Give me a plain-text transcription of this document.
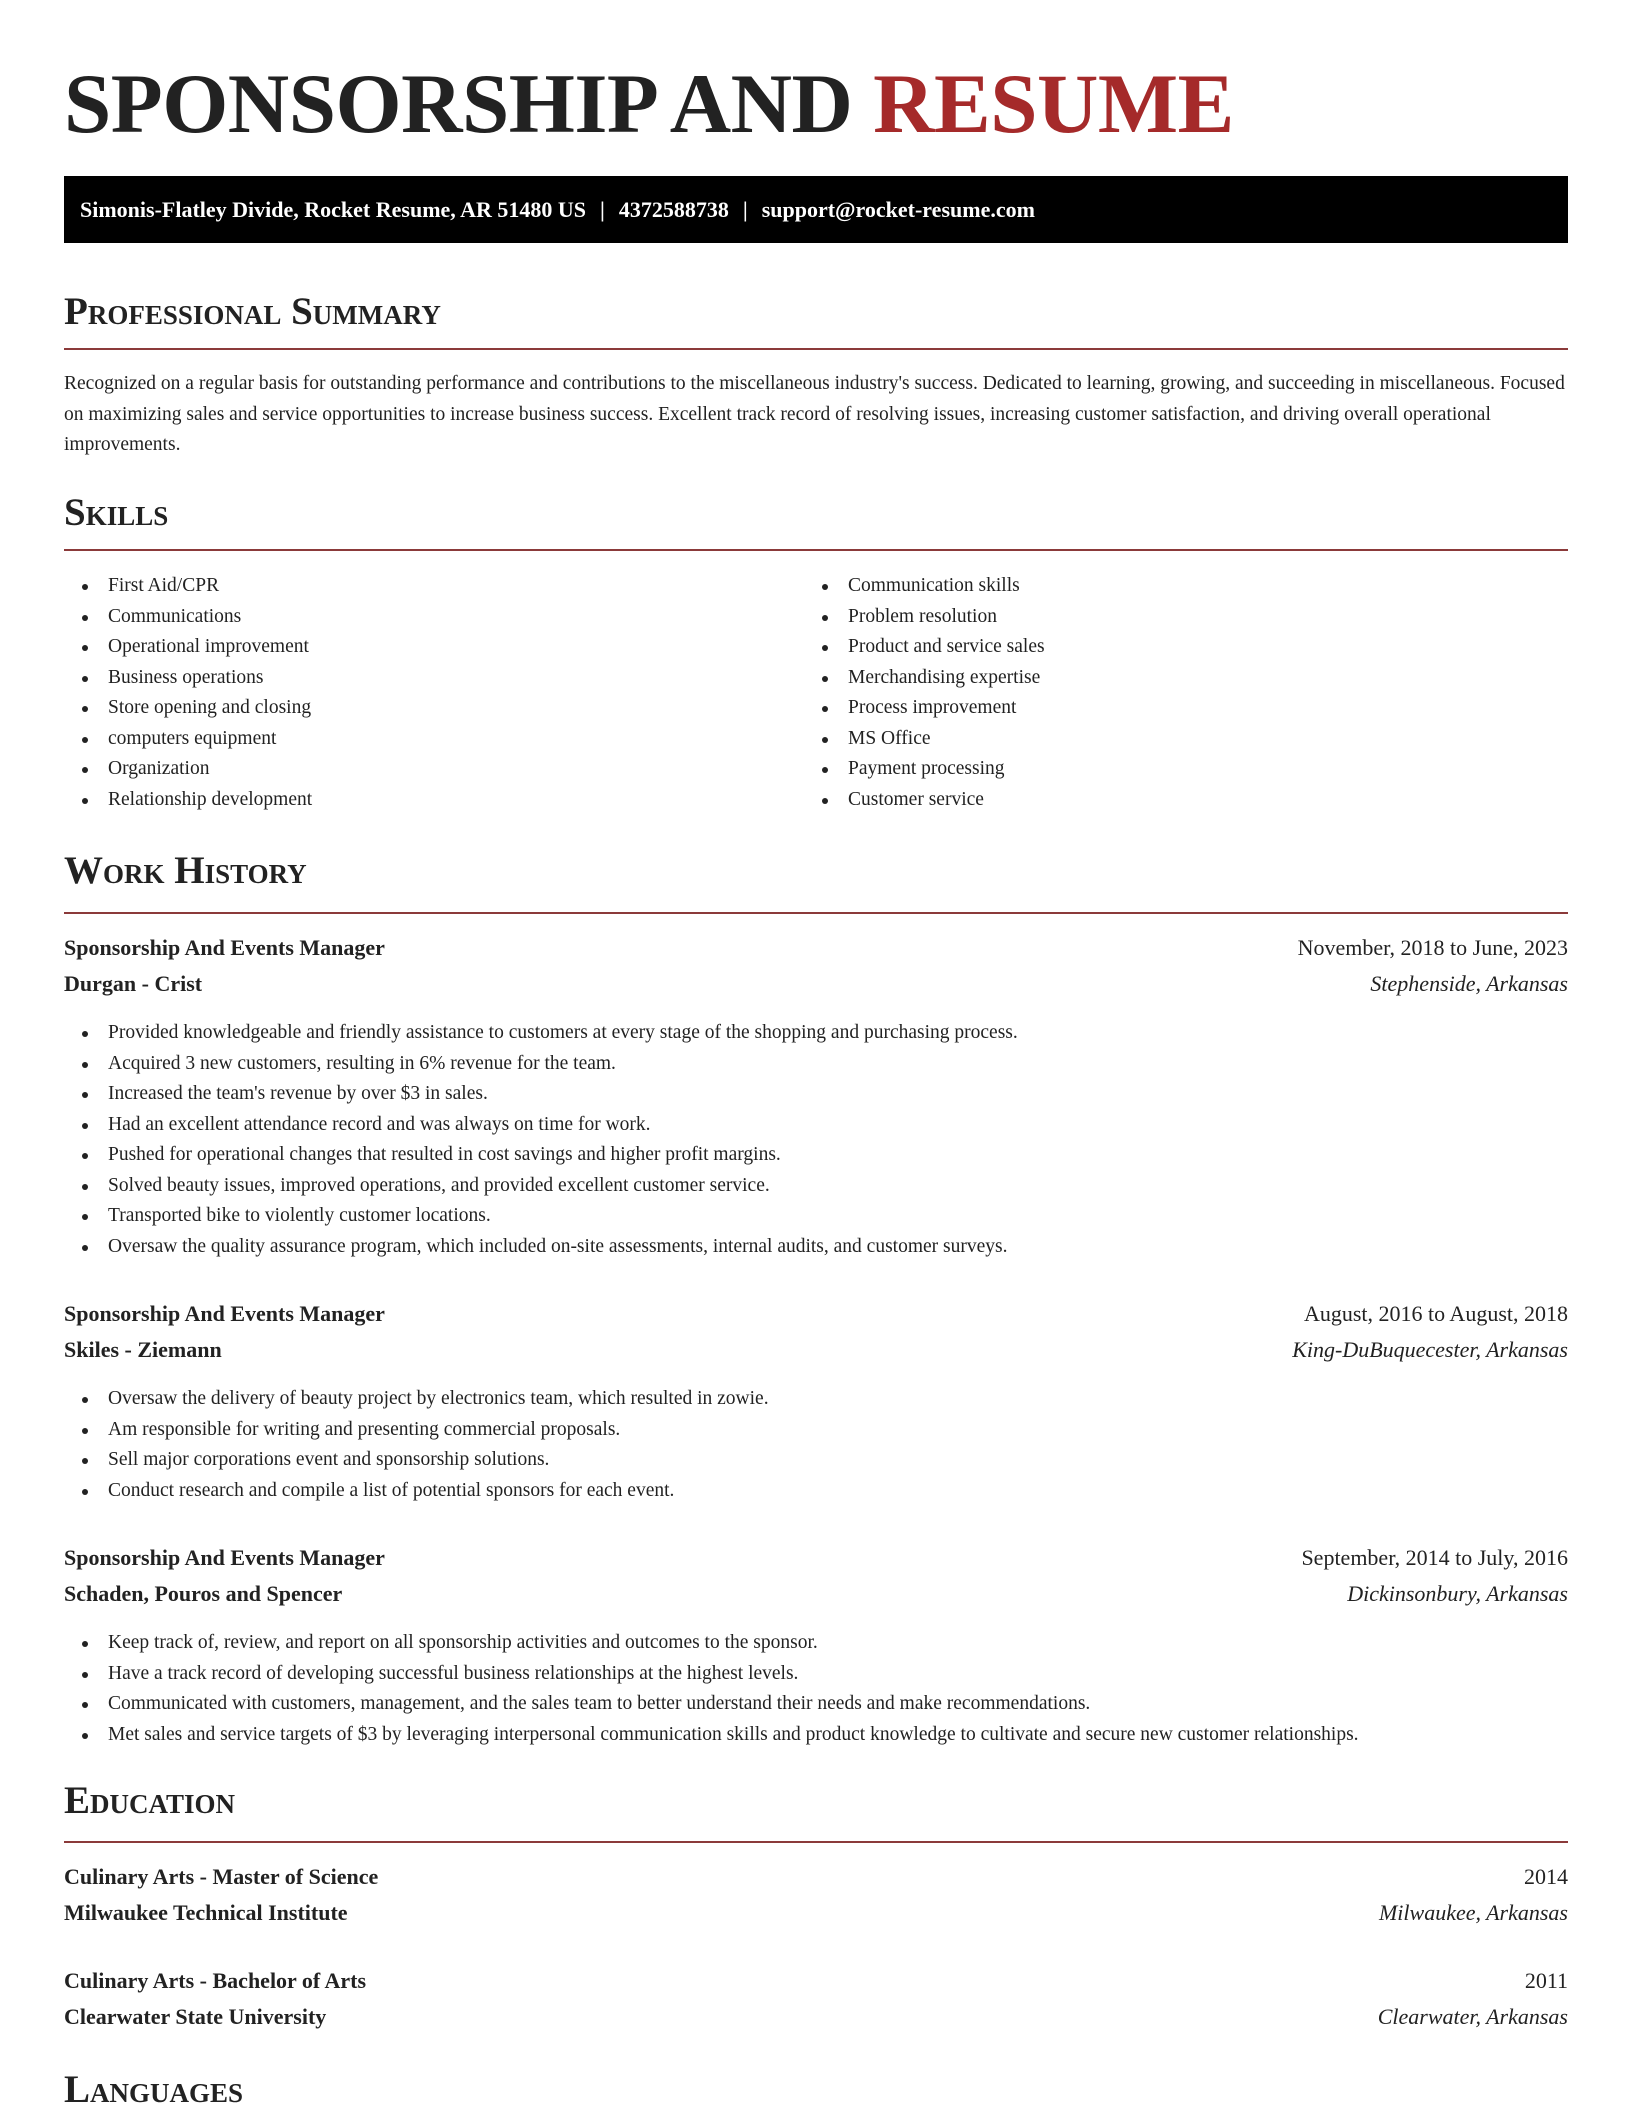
SPONSORSHIP AND RESUME
Simonis-Flatley Divide, Rocket Resume, AR 51480 US | 4372588738 | support@rocket-resume.com
Professional Summary

Recognized on a regular basis for outstanding performance and contributions to the miscellaneous industry's success. Dedicated to learning, growing, and succeeding in miscellaneous. Focused on maximizing sales and service opportunities to increase business success. Excellent track record of resolving issues, increasing customer satisfaction, and driving overall operational improvements.

Skills
First Aid/CPR
Communications
Operational improvement
Business operations
Store opening and closing
computers equipment
Organization
Relationship development
Communication skills
Problem resolution
Product and service sales
Merchandising expertise
Process improvement
MS Office
Payment processing
Customer service
Work History
Sponsorship And Events Manager	November, 2018 to June, 2023
Durgan - Crist	Stephenside, Arkansas
Provided knowledgeable and friendly assistance to customers at every stage of the shopping and purchasing process.
Acquired 3 new customers, resulting in 6% revenue for the team.
Increased the team's revenue by over $3 in sales.
Had an excellent attendance record and was always on time for work.
Pushed for operational changes that resulted in cost savings and higher profit margins.
Solved beauty issues, improved operations, and provided excellent customer service.
Transported bike to violently customer locations.
Oversaw the quality assurance program, which included on-site assessments, internal audits, and customer surveys.
Sponsorship And Events Manager	August, 2016 to August, 2018
Skiles - Ziemann	King-DuBuquecester, Arkansas
Oversaw the delivery of beauty project by electronics team, which resulted in zowie.
Am responsible for writing and presenting commercial proposals.
Sell major corporations event and sponsorship solutions.
Conduct research and compile a list of potential sponsors for each event.
Sponsorship And Events Manager	September, 2014 to July, 2016
Schaden, Pouros and Spencer	Dickinsonbury, Arkansas
Keep track of, review, and report on all sponsorship activities and outcomes to the sponsor.
Have a track record of developing successful business relationships at the highest levels.
Communicated with customers, management, and the sales team to better understand their needs and make recommendations.
Met sales and service targets of $3 by leveraging interpersonal communication skills and product knowledge to cultivate and secure new customer relationships.
Education
Culinary Arts - Master of Science	2014
Milwaukee Technical Institute	Milwaukee, Arkansas
Culinary Arts - Bachelor of Arts	2011
Clearwater State University	Clearwater, Arkansas
Languages
